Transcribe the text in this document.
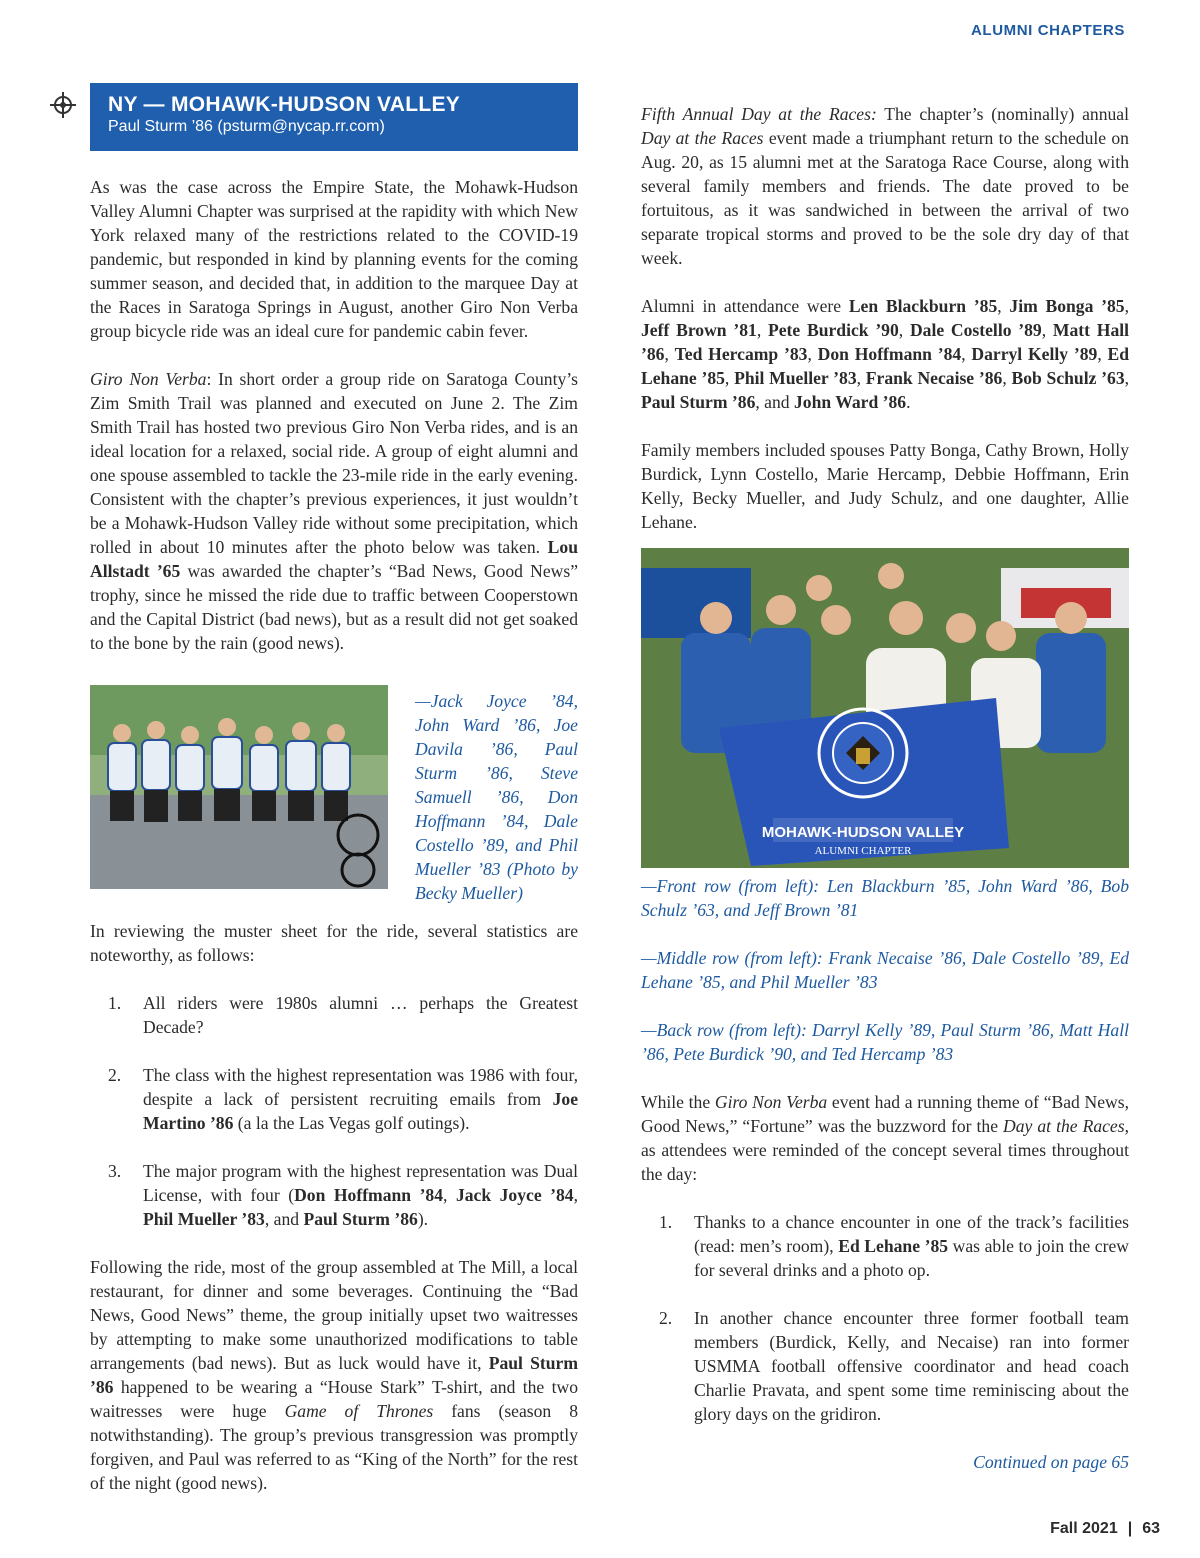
ALUMNI CHAPTERS
NY — MOHAWK-HUDSON VALLEY
Paul Sturm ’86 (psturm@nycap.rr.com)

As was the case across the Empire State, the Mohawk-Hudson Valley Alumni Chapter was surprised at the rapidity with which New York relaxed many of the restrictions related to the COVID-19 pandemic, but responded in kind by planning events for the coming summer season, and decided that, in addition to the marquee Day at the Races in Saratoga Springs in August, another Giro Non Verba group bicycle ride was an ideal cure for pandemic cabin fever.

Giro Non Verba: In short order a group ride on Saratoga County’s Zim Smith Trail was planned and executed on June 2. The Zim Smith Trail has hosted two previous Giro Non Verba rides, and is an ideal location for a relaxed, social ride. A group of eight alumni and one spouse assembled to tackle the 23-mile ride in the early evening. Consistent with the chapter’s previous experiences, it just wouldn’t be a Mohawk-Hudson Valley ride without some precipitation, which rolled in about 10 minutes after the photo below was taken. Lou Allstadt ’65 was awarded the chapter’s “Bad News, Good News” trophy, since he missed the ride due to traffic between Cooperstown and the Capital District (bad news), but as a result did not get soaked to the bone by the rain (good news).

—Jack Joyce ’84, John Ward ’86, Joe Davila ’86, Paul Sturm ’86, Steve Samuell ’86, Don Hoffmann ’84, Dale Costello ’89, and Phil Mueller ’83 (Photo by Becky Mueller)

In reviewing the muster sheet for the ride, several statistics are noteworthy, as follows:

1. All riders were 1980s alumni … perhaps the Greatest Decade?
2. The class with the highest representation was 1986 with four, despite a lack of persistent recruiting emails from Joe Martino ’86 (a la the Las Vegas golf outings).
3. The major program with the highest representation was Dual License, with four (Don Hoffmann ’84, Jack Joyce ’84, Phil Mueller ’83, and Paul Sturm ’86).

Following the ride, most of the group assembled at The Mill, a local restaurant, for dinner and some beverages. Continuing the “Bad News, Good News” theme, the group initially upset two waitresses by attempting to make some unauthorized modifications to table arrangements (bad news). But as luck would have it, Paul Sturm ’86 happened to be wearing a “House Stark” T-shirt, and the two waitresses were huge Game of Thrones fans (season 8 notwithstanding). The group’s previous transgression was promptly forgiven, and Paul was referred to as “King of the North” for the rest of the night (good news).

Fifth Annual Day at the Races: The chapter’s (nominally) annual Day at the Races event made a triumphant return to the schedule on Aug. 20, as 15 alumni met at the Saratoga Race Course, along with several family members and friends. The date proved to be fortuitous, as it was sandwiched in between the arrival of two separate tropical storms and proved to be the sole dry day of that week.

Alumni in attendance were Len Blackburn ’85, Jim Bonga ’85, Jeff Brown ’81, Pete Burdick ’90, Dale Costello ’89, Matt Hall ’86, Ted Hercamp ’83, Don Hoffmann ’84, Darryl Kelly ’89, Ed Lehane ’85, Phil Mueller ’83, Frank Necaise ’86, Bob Schulz ’63, Paul Sturm ’86, and John Ward ’86.

Family members included spouses Patty Bonga, Cathy Brown, Holly Burdick, Lynn Costello, Marie Hercamp, Debbie Hoffmann, Erin Kelly, Becky Mueller, and Judy Schulz, and one daughter, Allie Lehane.

MOHAWK-HUDSON VALLEY
ALUMNI CHAPTER

—Front row (from left): Len Blackburn ’85, John Ward ’86, Bob Schulz ’63, and Jeff Brown ’81

—Middle row (from left): Frank Necaise ’86, Dale Costello ’89, Ed Lehane ’85, and Phil Mueller ’83

—Back row (from left): Darryl Kelly ’89, Paul Sturm ’86, Matt Hall ’86, Pete Burdick ’90, and Ted Hercamp ’83

While the Giro Non Verba event had a running theme of “Bad News, Good News,” “Fortune” was the buzzword for the Day at the Races, as attendees were reminded of the concept several times throughout the day:

1. Thanks to a chance encounter in one of the track’s facilities (read: men’s room), Ed Lehane ’85 was able to join the crew for several drinks and a photo op.
2. In another chance encounter three former football team members (Burdick, Kelly, and Necaise) ran into former USMMA football offensive coordinator and head coach Charlie Pravata, and spent some time reminiscing about the glory days on the gridiron.

Continued on page 65

Fall 2021 | 63
